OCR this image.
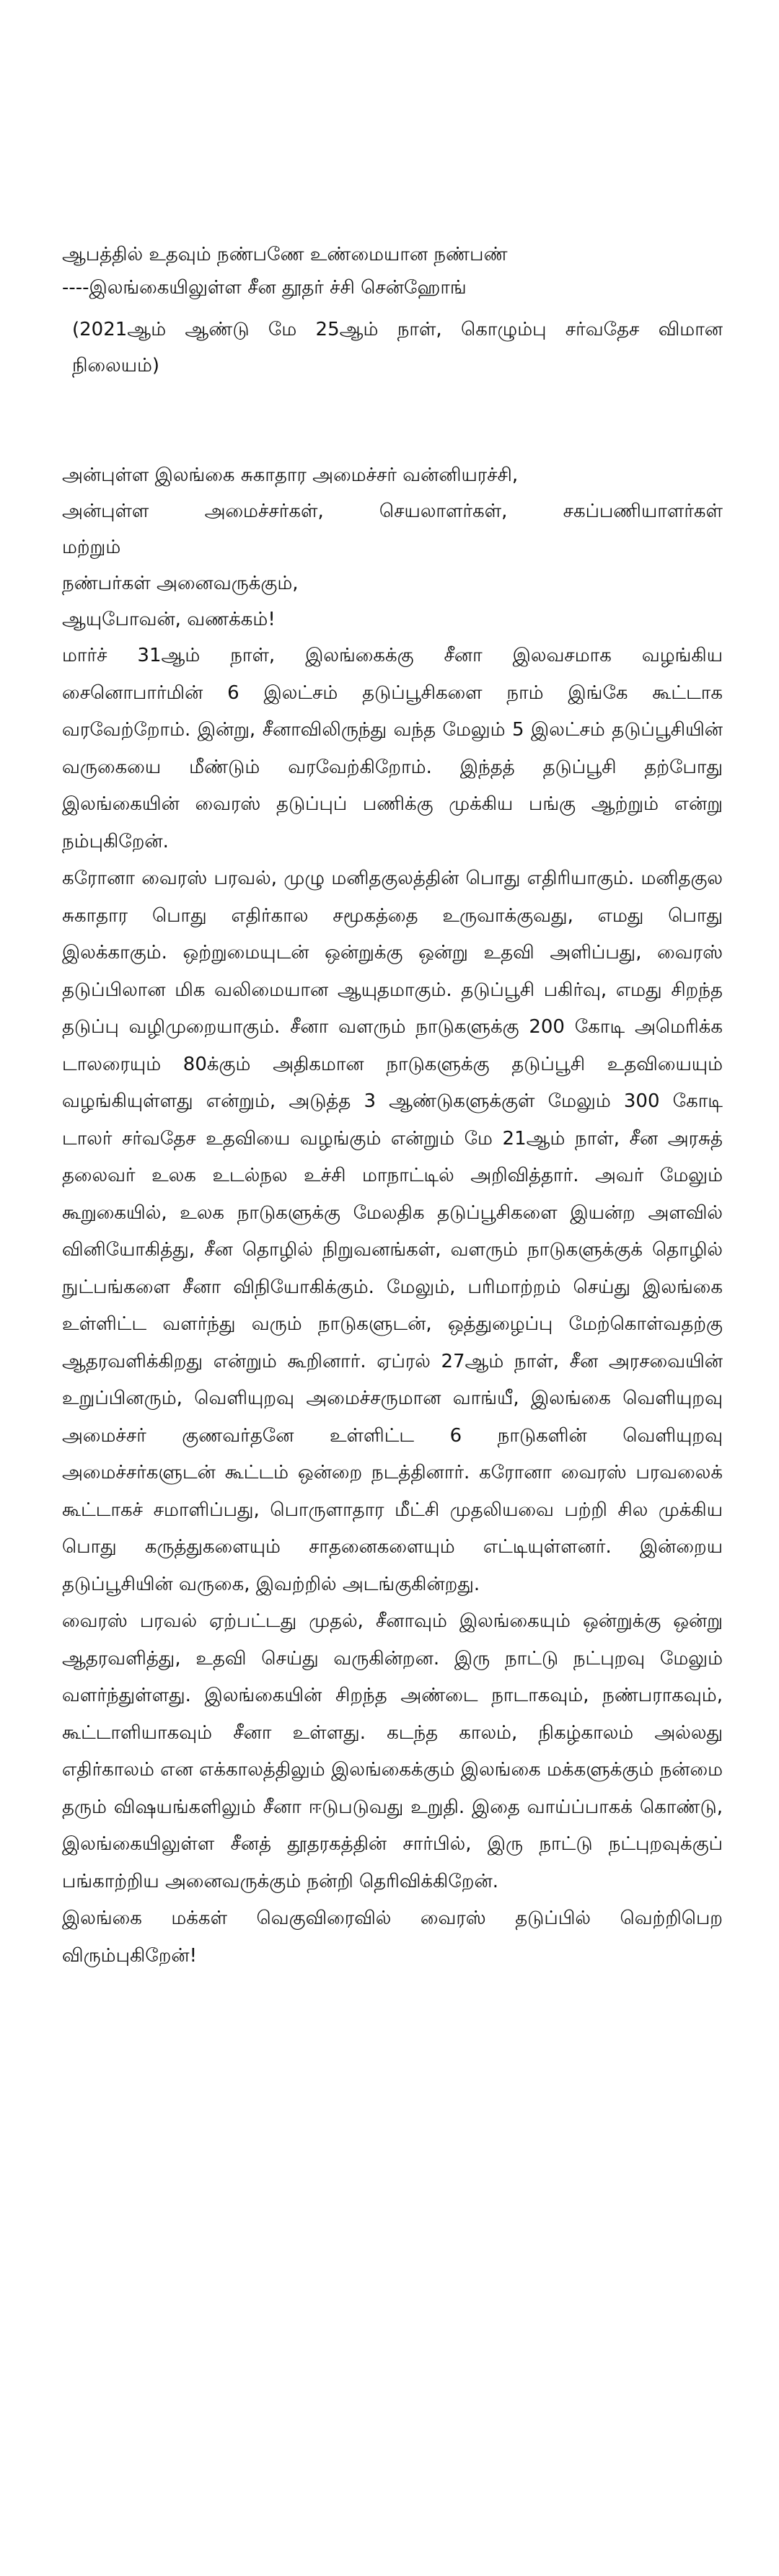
ஆபத்தில் உதவும் நண்பணே உண்மையான நண்பண்

----இலங்கையிலுள்ள சீன தூதர் ச்சி சென்ஹோங்

(2021ஆம் ஆண்டு மே 25ஆம் நாள், கொழும்பு சர்வதேச விமான நிலையம்)

அன்புள்ள இலங்கை சுகாதார அமைச்சர் வன்னியரச்சி,

அன்புள்ள அமைச்சர்கள், செயலாளர்கள், சகப்பணியாளர்கள்

மற்றும்

நண்பர்கள் அனைவருக்கும்,

ஆயுபோவன், வணக்கம்!

மார்ச் 31ஆம் நாள், இலங்கைக்கு சீனா இலவசமாக வழங்கிய சைனொபார்மின் 6 இலட்சம் தடுப்பூசிகளை நாம் இங்கே கூட்டாக வரவேற்றோம். இன்று, சீனாவிலிருந்து வந்த மேலும் 5 இலட்சம் தடுப்பூசியின் வருகையை மீண்டும் வரவேற்கிறோம். இந்தத் தடுப்பூசி தற்போது இலங்கையின் வைரஸ் தடுப்புப் பணிக்கு முக்கிய பங்கு ஆற்றும் என்று நம்புகிறேன்.

கரோனா வைரஸ் பரவல், முழு மனிதகுலத்தின் பொது எதிரியாகும். மனிதகுல சுகாதார பொது எதிர்கால சமூகத்தை உருவாக்குவது, எமது பொது இலக்காகும். ஒற்றுமையுடன் ஒன்றுக்கு ஒன்று உதவி அளிப்பது, வைரஸ் தடுப்பிலான மிக வலிமையான ஆயுதமாகும். தடுப்பூசி பகிர்வு, எமது சிறந்த தடுப்பு வழிமுறையாகும். சீனா வளரும் நாடுகளுக்கு 200 கோடி அமெரிக்க டாலரையும் 80க்கும் அதிகமான நாடுகளுக்கு தடுப்பூசி உதவியையும் வழங்கியுள்ளது என்றும், அடுத்த 3 ஆண்டுகளுக்குள் மேலும் 300 கோடி டாலர் சர்வதேச உதவியை வழங்கும் என்றும் மே 21ஆம் நாள், சீன அரசுத் தலைவர் உலக உடல்நல உச்சி மாநாட்டில் அறிவித்தார். அவர் மேலும் கூறுகையில், உலக நாடுகளுக்கு மேலதிக தடுப்பூசிகளை இயன்ற அளவில் வினியோகித்து, சீன தொழில் நிறுவனங்கள், வளரும் நாடுகளுக்குக் தொழில் நுட்பங்களை சீனா விநியோகிக்கும். மேலும், பரிமாற்றம் செய்து இலங்கை உள்ளிட்ட வளர்ந்து வரும் நாடுகளுடன், ஒத்துழைப்பு மேற்கொள்வதற்கு ஆதரவளிக்கிறது என்றும் கூறினார். ஏப்ரல் 27ஆம் நாள், சீன அரசவையின் உறுப்பினரும், வெளியுறவு அமைச்சருமான வாங்யீ, இலங்கை வெளியுறவு அமைச்சர் குணவர்தனே உள்ளிட்ட 6 நாடுகளின் வெளியுறவு அமைச்சர்களுடன் கூட்டம் ஒன்றை நடத்தினார். கரோனா வைரஸ் பரவலைக் கூட்டாகச் சமாளிப்பது, பொருளாதார மீட்சி முதலியவை பற்றி சில முக்கிய பொது கருத்துகளையும் சாதனைகளையும் எட்டியுள்ளனர். இன்றைய தடுப்பூசியின் வருகை, இவற்றில் அடங்குகின்றது.

வைரஸ் பரவல் ஏற்பட்டது முதல், சீனாவும் இலங்கையும் ஒன்றுக்கு ஒன்று ஆதரவளித்து, உதவி செய்து வருகின்றன. இரு நாட்டு நட்புறவு மேலும் வளர்ந்துள்ளது. இலங்கையின் சிறந்த அண்டை நாடாகவும், நண்பராகவும், கூட்டாளியாகவும் சீனா உள்ளது. கடந்த காலம், நிகழ்காலம் அல்லது எதிர்காலம் என எக்காலத்திலும் இலங்கைக்கும் இலங்கை மக்களுக்கும் நன்மை தரும் விஷயங்களிலும் சீனா ஈடுபடுவது உறுதி. இதை வாய்ப்பாகக் கொண்டு, இலங்கையிலுள்ள சீனத் தூதரகத்தின் சார்பில், இரு நாட்டு நட்புறவுக்குப் பங்காற்றிய அனைவருக்கும் நன்றி தெரிவிக்கிறேன்.

இலங்கை மக்கள் வெகுவிரைவில் வைரஸ் தடுப்பில் வெற்றிபெற விரும்புகிறேன்!
